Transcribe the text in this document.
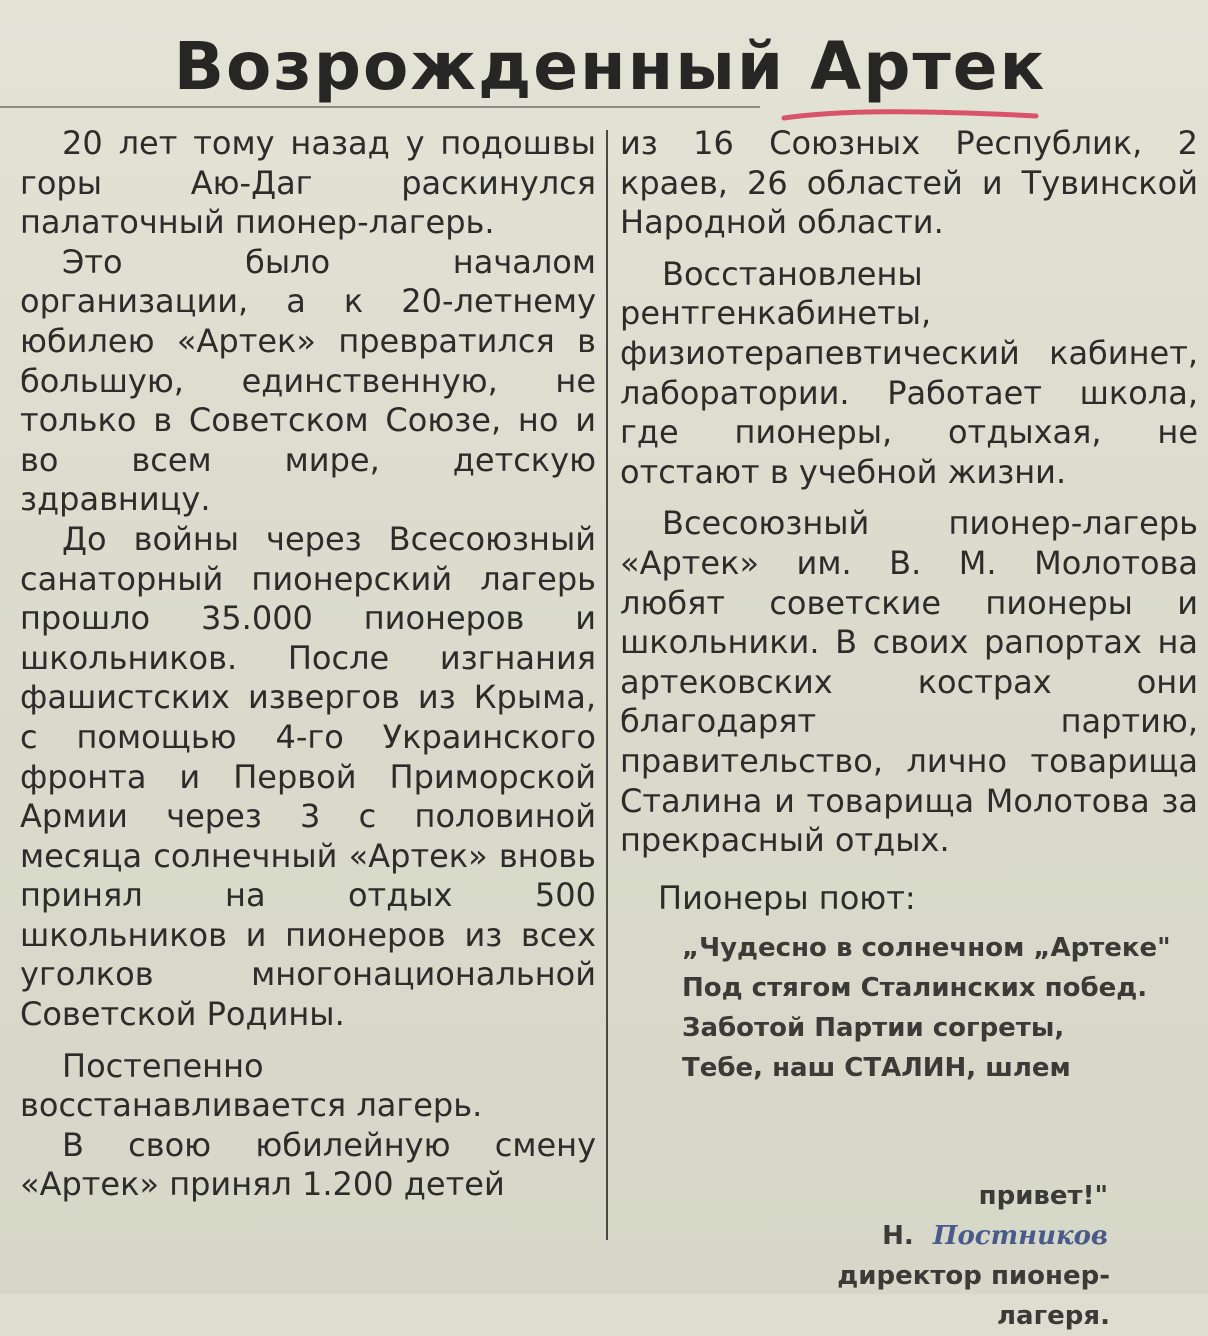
Возрожденный Артек

20 лет тому назад у подошвы горы Аю-Даг раскинулся палаточный пионер-лагерь.

Это было началом организации, а к 20-летнему юбилею «Артек» превратился в большую, единственную, не только в Советском Союзе, но и во всем мире, детскую здравницу.

До войны через Всесоюзный санаторный пионерский лагерь прошло 35.000 пионеров и школьников. После изгнания фашистских извергов из Крыма, с помощью 4-го Украинского фронта и Первой Приморской Армии через 3 с половиной месяца солнечный «Артек» вновь принял на отдых 500 школьников и пионеров из всех уголков многонациональной Советской Родины.

Постепенно восстанавливается лагерь.

В свою юбилейную смену «Артек» принял 1.200 детей

из 16 Союзных Республик, 2 краев, 26 областей и Тувинской Народной области.

Восстановлены рентгенкабинеты, физиотерапевтический кабинет, лаборатории. Работает школа, где пионеры, отдыхая, не отстают в учебной жизни.

Всесоюзный пионер-лагерь «Артек» им. В. М. Молотова любят советские пионеры и школьники. В своих рапортах на артековских кострах они благодарят партию, правительство, лично товарища Сталина и товарища Молотова за прекрасный отдых.

Пионеры поют:

„Чудесно в солнечном „Артеке"
Под стягом Сталинских побед.
Заботой Партии согреты,
Тебе, наш СТАЛИН, шлем
привет!"
Н. Постников
директор пионер-лагеря.
